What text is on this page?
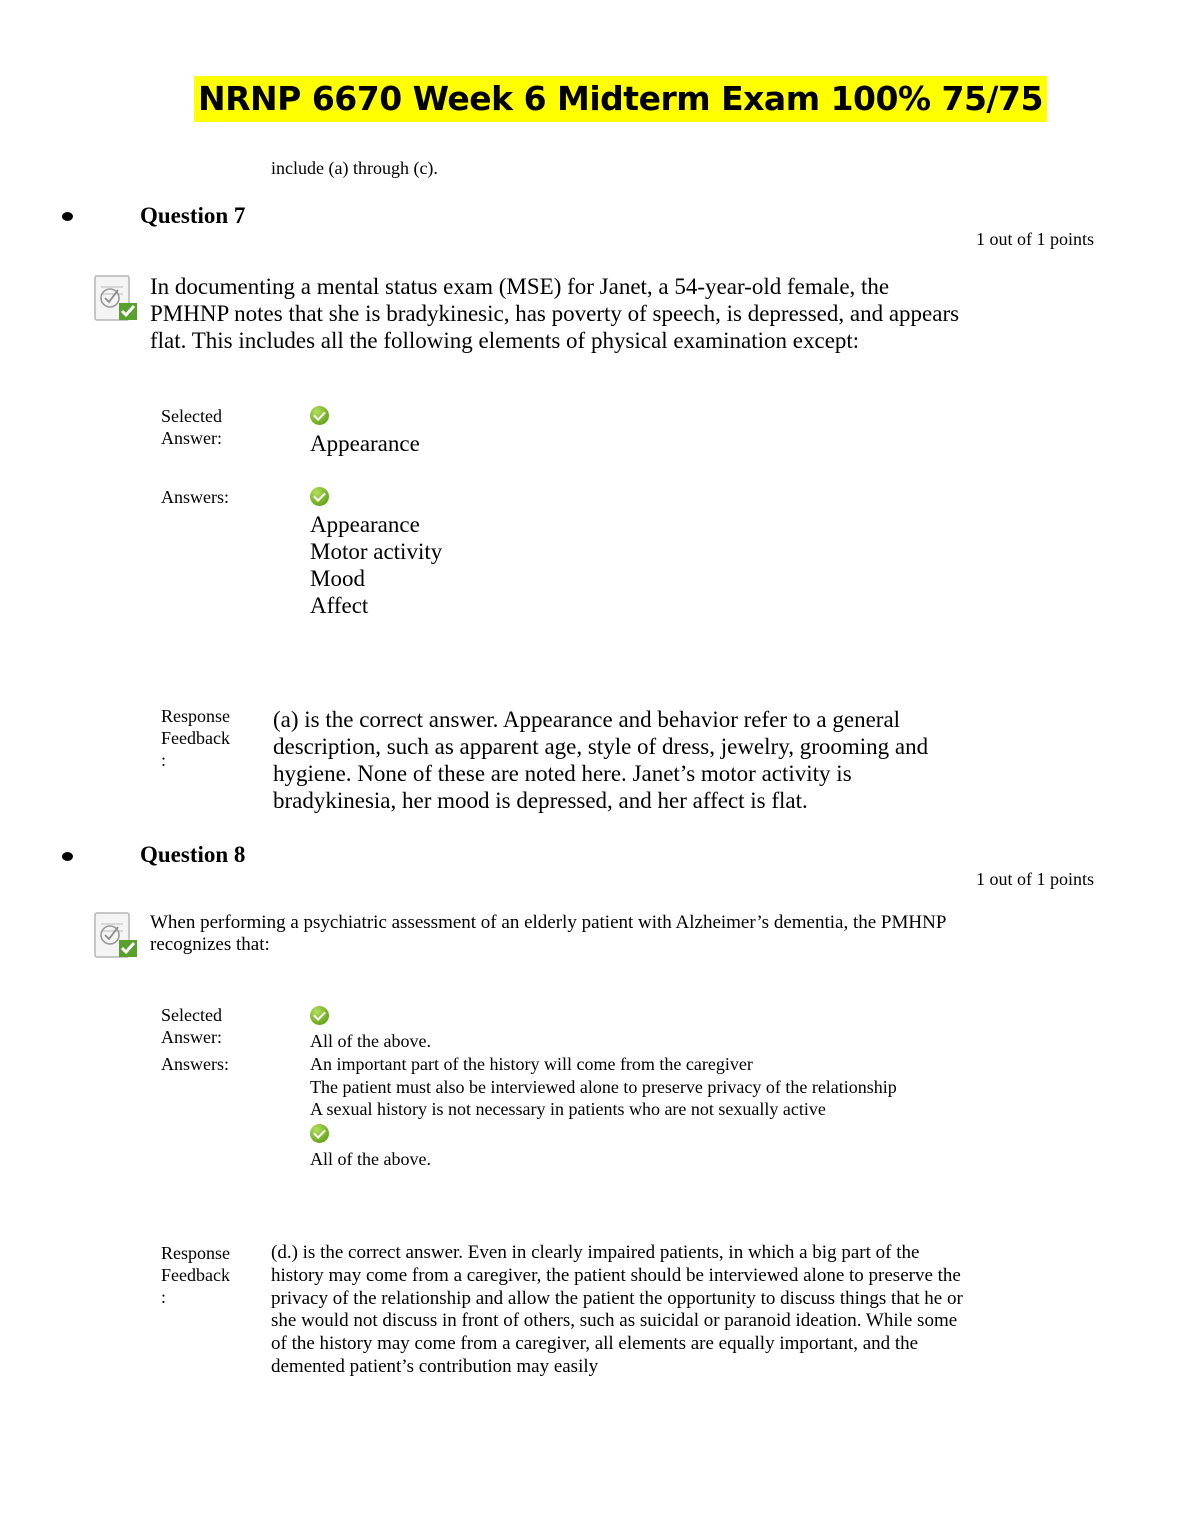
NRNP 6670 Week 6 Midterm Exam 100% 75/75
include (a) through (c).
Question 7
1 out of 1 points
In documenting a mental status exam (MSE) for Janet, a 54-year-old female, the PMHNP notes that she is bradykinesic, has poverty of speech, is depressed, and appears flat. This includes all the following elements of physical examination except:
Selected
Answer:	Appearance
Answers:
Appearance
Motor activity
Mood
Affect
Response
Feedback
:
(a) is the correct answer. Appearance and behavior refer to a general description, such as apparent age, style of dress, jewelry, grooming and hygiene. None of these are noted here. Janet’s motor activity is bradykinesia, her mood is depressed, and her affect is flat.
Question 8
1 out of 1 points
When performing a psychiatric assessment of an elderly patient with Alzheimer’s dementia, the PMHNP recognizes that:
Selected
Answer:	All of the above.
Answers:	An important part of the history will come from the caregiver
The patient must also be interviewed alone to preserve privacy of the relationship
A sexual history is not necessary in patients who are not sexually active
All of the above.
Response
Feedback
:
(d.) is the correct answer. Even in clearly impaired patients, in which a big part of the history may come from a caregiver, the patient should be interviewed alone to preserve the privacy of the relationship and allow the patient the opportunity to discuss things that he or she would not discuss in front of others, such as suicidal or paranoid ideation. While some of the history may come from a caregiver, all elements are equally important, and the demented patient’s contribution may easily
